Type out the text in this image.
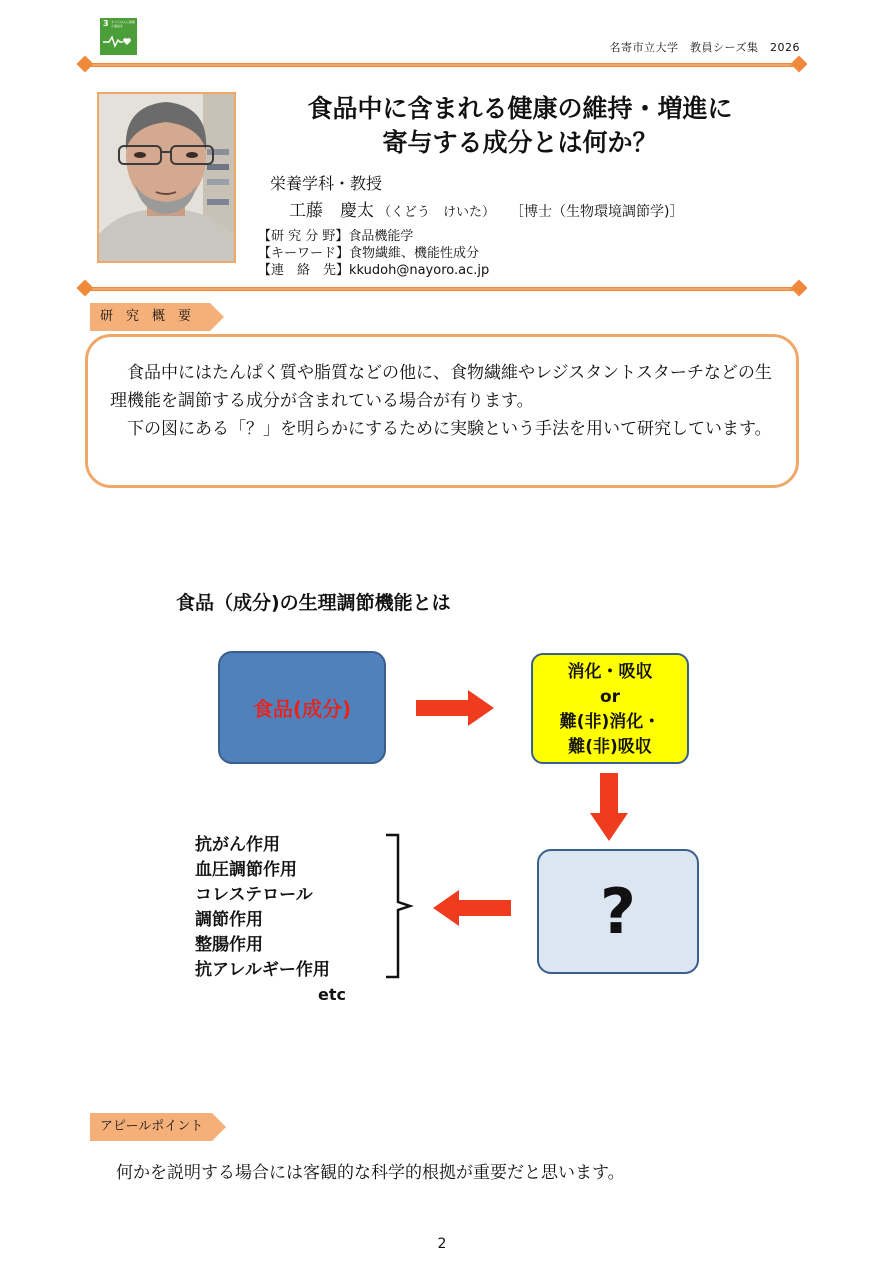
3 すべての人に健康と福祉を
名寄市立大学　教員シーズ集　2026
食品中に含まれる健康の維持・増進に
寄与する成分とは何か？
栄養学科・教授
工藤　慶太 （くどう　けいた） ［博士（生物環境調節学)］
【研 究 分 野】食品機能学
【キーワード】食物繊維、機能性成分
【連　絡　先】kkudoh@nayoro.ac.jp
研　究　概　要

食品中にはたんぱく質や脂質などの他に、食物繊維やレジスタントスターチなどの生理機能を調節する成分が含まれている場合が有ります。

下の図にある「？」を明らかにするために実験という手法を用いて研究しています。

食品（成分)の生理調節機能とは
食品(成分)
消化・吸収
or
難(非)消化・
難(非)吸収
?
抗がん作用
血圧調節作用
コレステロール
調節作用
整腸作用
抗アレルギー作用
etc
アピールポイント
何かを説明する場合には客観的な科学的根拠が重要だと思います。
2
